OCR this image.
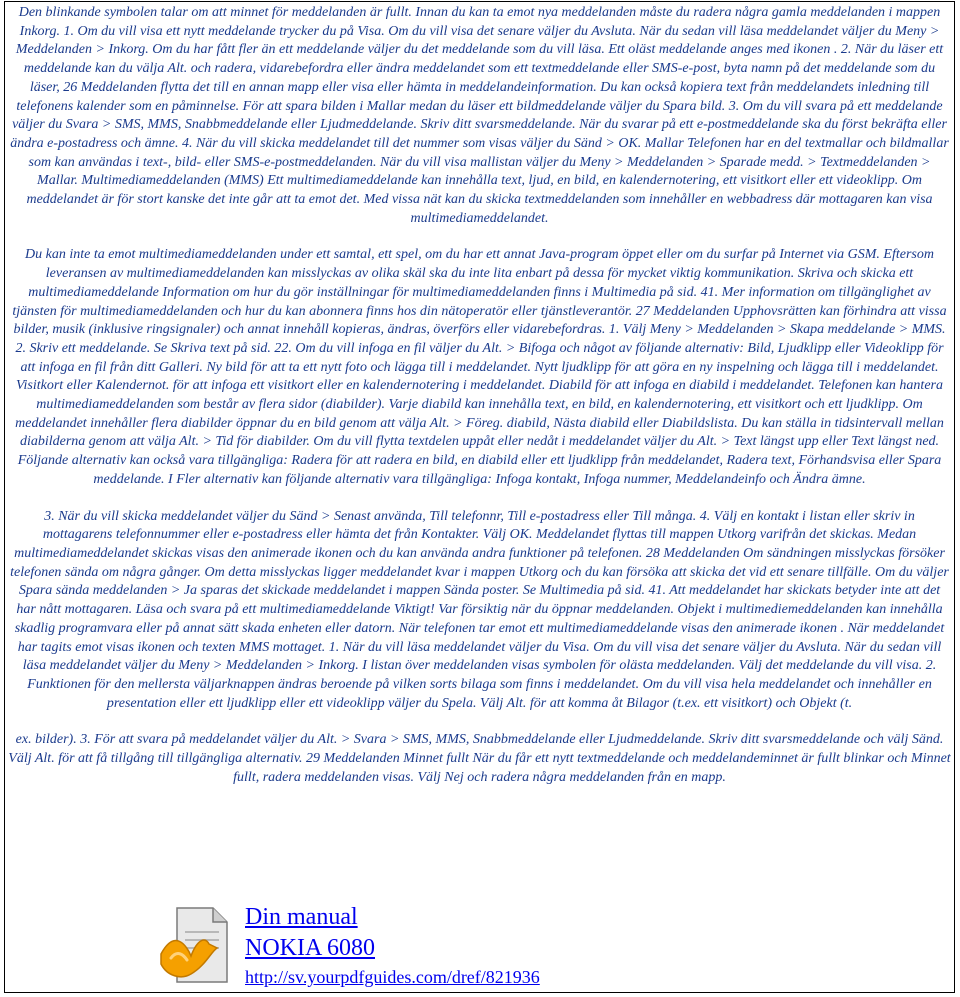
Den blinkande symbolen talar om att minnet för meddelanden är fullt. Innan du kan ta emot nya meddelanden måste du radera några gamla meddelanden i mappen Inkorg. 1. Om du vill visa ett nytt meddelande trycker du på Visa. Om du vill visa det senare väljer du Avsluta. När du sedan vill läsa meddelandet väljer du Meny > Meddelanden > Inkorg. Om du har fått fler än ett meddelande väljer du det meddelande som du vill läsa. Ett oläst meddelande anges med ikonen . 2. När du läser ett meddelande kan du välja Alt. och radera, vidarebefordra eller ändra meddelandet som ett textmeddelande eller SMS-e-post, byta namn på det meddelande som du läser, 26 Meddelanden flytta det till en annan mapp eller visa eller hämta in meddelandeinformation. Du kan också kopiera text från meddelandets inledning till telefonens kalender som en påminnelse. För att spara bilden i Mallar medan du läser ett bildmeddelande väljer du Spara bild. 3. Om du vill svara på ett meddelande väljer du Svara > SMS, MMS, Snabbmeddelande eller Ljudmeddelande. Skriv ditt svarsmeddelande. När du svarar på ett e-postmeddelande ska du först bekräfta eller ändra e-postadress och ämne. 4. När du vill skicka meddelandet till det nummer som visas väljer du Sänd > OK. Mallar Telefonen har en del textmallar och bildmallar som kan användas i text-, bild- eller SMS-e-postmeddelanden. När du vill visa mallistan väljer du Meny > Meddelanden > Sparade medd. > Textmeddelanden > Mallar. Multimediameddelanden (MMS) Ett multimediameddelande kan innehålla text, ljud, en bild, en kalendernotering, ett visitkort eller ett videoklipp. Om meddelandet är för stort kanske det inte går att ta emot det. Med vissa nät kan du skicka textmeddelanden som innehåller en webbadress där mottagaren kan visa multimediameddelandet.

Du kan inte ta emot multimediameddelanden under ett samtal, ett spel, om du har ett annat Java-program öppet eller om du surfar på Internet via GSM. Eftersom leveransen av multimediameddelanden kan misslyckas av olika skäl ska du inte lita enbart på dessa för mycket viktig kommunikation. Skriva och skicka ett multimediameddelande Information om hur du gör inställningar för multimediameddelanden finns i Multimedia på sid. 41. Mer information om tillgänglighet av tjänsten för multimediameddelanden och hur du kan abonnera finns hos din nätoperatör eller tjänstleverantör. 27 Meddelanden Upphovsrätten kan förhindra att vissa bilder, musik (inklusive ringsignaler) och annat innehåll kopieras, ändras, överförs eller vidarebefordras. 1. Välj Meny > Meddelanden > Skapa meddelande > MMS. 2. Skriv ett meddelande. Se Skriva text på sid. 22. Om du vill infoga en fil väljer du Alt. > Bifoga och något av följande alternativ: Bild, Ljudklipp eller Videoklipp för att infoga en fil från ditt Galleri. Ny bild för att ta ett nytt foto och lägga till i meddelandet. Nytt ljudklipp för att göra en ny inspelning och lägga till i meddelandet. Visitkort eller Kalendernot. för att infoga ett visitkort eller en kalendernotering i meddelandet. Diabild för att infoga en diabild i meddelandet. Telefonen kan hantera multimediameddelanden som består av flera sidor (diabilder). Varje diabild kan innehålla text, en bild, en kalendernotering, ett visitkort och ett ljudklipp. Om meddelandet innehåller flera diabilder öppnar du en bild genom att välja Alt. > Föreg. diabild, Nästa diabild eller Diabildslista. Du kan ställa in tidsintervall mellan diabilderna genom att välja Alt. > Tid för diabilder. Om du vill flytta textdelen uppåt eller nedåt i meddelandet väljer du Alt. > Text längst upp eller Text längst ned. Följande alternativ kan också vara tillgängliga: Radera för att radera en bild, en diabild eller ett ljudklipp från meddelandet, Radera text, Förhandsvisa eller Spara meddelande. I Fler alternativ kan följande alternativ vara tillgängliga: Infoga kontakt, Infoga nummer, Meddelandeinfo och Ändra ämne.

3. När du vill skicka meddelandet väljer du Sänd > Senast använda, Till telefonnr, Till e-postadress eller Till många. 4. Välj en kontakt i listan eller skriv in mottagarens telefonnummer eller e-postadress eller hämta det från Kontakter. Välj OK. Meddelandet flyttas till mappen Utkorg varifrån det skickas. Medan multimediameddelandet skickas visas den animerade ikonen och du kan använda andra funktioner på telefonen. 28 Meddelanden Om sändningen misslyckas försöker telefonen sända om några gånger. Om detta misslyckas ligger meddelandet kvar i mappen Utkorg och du kan försöka att skicka det vid ett senare tillfälle. Om du väljer Spara sända meddelanden > Ja sparas det skickade meddelandet i mappen Sända poster. Se Multimedia på sid. 41. Att meddelandet har skickats betyder inte att det har nått mottagaren. Läsa och svara på ett multimediameddelande Viktigt! Var försiktig när du öppnar meddelanden. Objekt i multimediemeddelanden kan innehålla skadlig programvara eller på annat sätt skada enheten eller datorn. När telefonen tar emot ett multimediameddelande visas den animerade ikonen . När meddelandet har tagits emot visas ikonen och texten MMS mottaget. 1. När du vill läsa meddelandet väljer du Visa. Om du vill visa det senare väljer du Avsluta. När du sedan vill läsa meddelandet väljer du Meny > Meddelanden > Inkorg. I listan över meddelanden visas symbolen för olästa meddelanden. Välj det meddelande du vill visa. 2. Funktionen för den mellersta väljarknappen ändras beroende på vilken sorts bilaga som finns i meddelandet. Om du vill visa hela meddelandet och innehåller en presentation eller ett ljudklipp eller ett videoklipp väljer du Spela. Välj Alt. för att komma åt Bilagor (t.ex. ett visitkort) och Objekt (t.

ex. bilder). 3. För att svara på meddelandet väljer du Alt. > Svara > SMS, MMS, Snabbmeddelande eller Ljudmeddelande. Skriv ditt svarsmeddelande och välj Sänd. Välj Alt. för att få tillgång till tillgängliga alternativ. 29 Meddelanden Minnet fullt När du får ett nytt textmeddelande och meddelandeminnet är fullt blinkar och Minnet fullt, radera meddelanden visas. Välj Nej och radera några meddelanden från en mapp.

Din manual
NOKIA 6080
http://sv.yourpdfguides.com/dref/821936
